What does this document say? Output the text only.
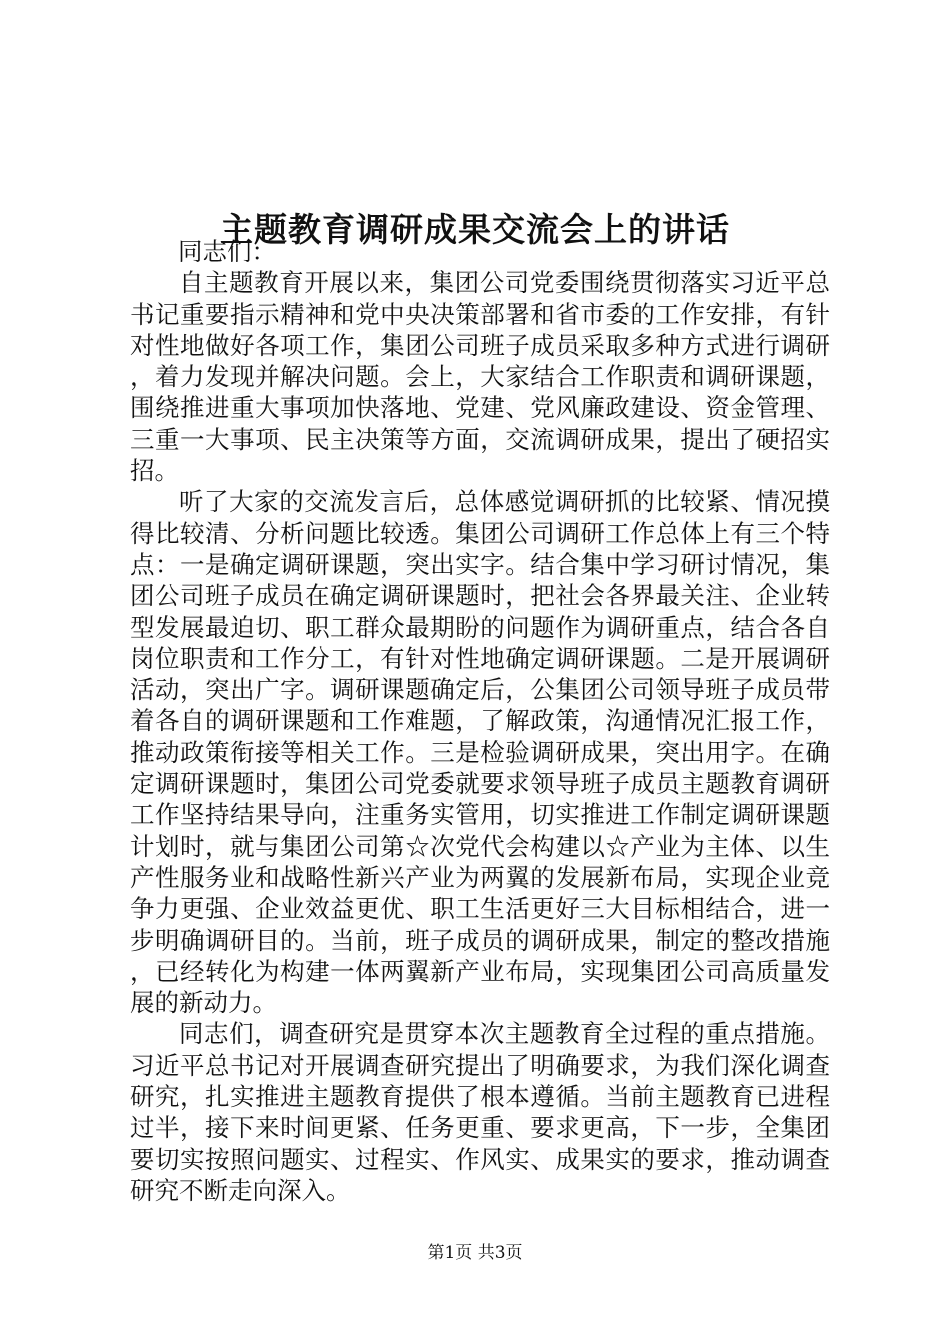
主题教育调研成果交流会上的讲话

同志们：

自主题教育开展以来，集团公司党委围绕贯彻落实习近平总书记重要指示精神和党中央决策部署和省市委的工作安排，有针对性地做好各项工作，集团公司班子成员采取多种方式进行调研，着力发现并解决问题。会上，大家结合工作职责和调研课题，围绕推进重大事项加快落地、党建、党风廉政建设、资金管理、三重一大事项、民主决策等方面，交流调研成果，提出了硬招实招。

听了大家的交流发言后，总体感觉调研抓的比较紧、情况摸得比较清、分析问题比较透。集团公司调研工作总体上有三个特点：一是确定调研课题，突出实字。结合集中学习研讨情况，集团公司班子成员在确定调研课题时，把社会各界最关注、企业转型发展最迫切、职工群众最期盼的问题作为调研重点，结合各自岗位职责和工作分工，有针对性地确定调研课题。二是开展调研活动，突出广字。调研课题确定后，公集团公司领导班子成员带着各自的调研课题和工作难题，了解政策，沟通情况汇报工作，推动政策衔接等相关工作。三是检验调研成果，突出用字。在确定调研课题时，集团公司党委就要求领导班子成员主题教育调研工作坚持结果导向，注重务实管用，切实推进工作制定调研课题计划时，就与集团公司第☆次党代会构建以☆产业为主体、以生产性服务业和战略性新兴产业为两翼的发展新布局，实现企业竞争力更强、企业效益更优、职工生活更好三大目标相结合，进一步明确调研目的。当前，班子成员的调研成果，制定的整改措施，已经转化为构建一体两翼新产业布局，实现集团公司高质量发展的新动力。

同志们，调查研究是贯穿本次主题教育全过程的重点措施。习近平总书记对开展调查研究提出了明确要求，为我们深化调查研究，扎实推进主题教育提供了根本遵循。当前主题教育已进程过半，接下来时间更紧、任务更重、要求更高，下一步，全集团要切实按照问题实、过程实、作风实、成果实的要求，推动调查研究不断走向深入。

第1页 共3页
